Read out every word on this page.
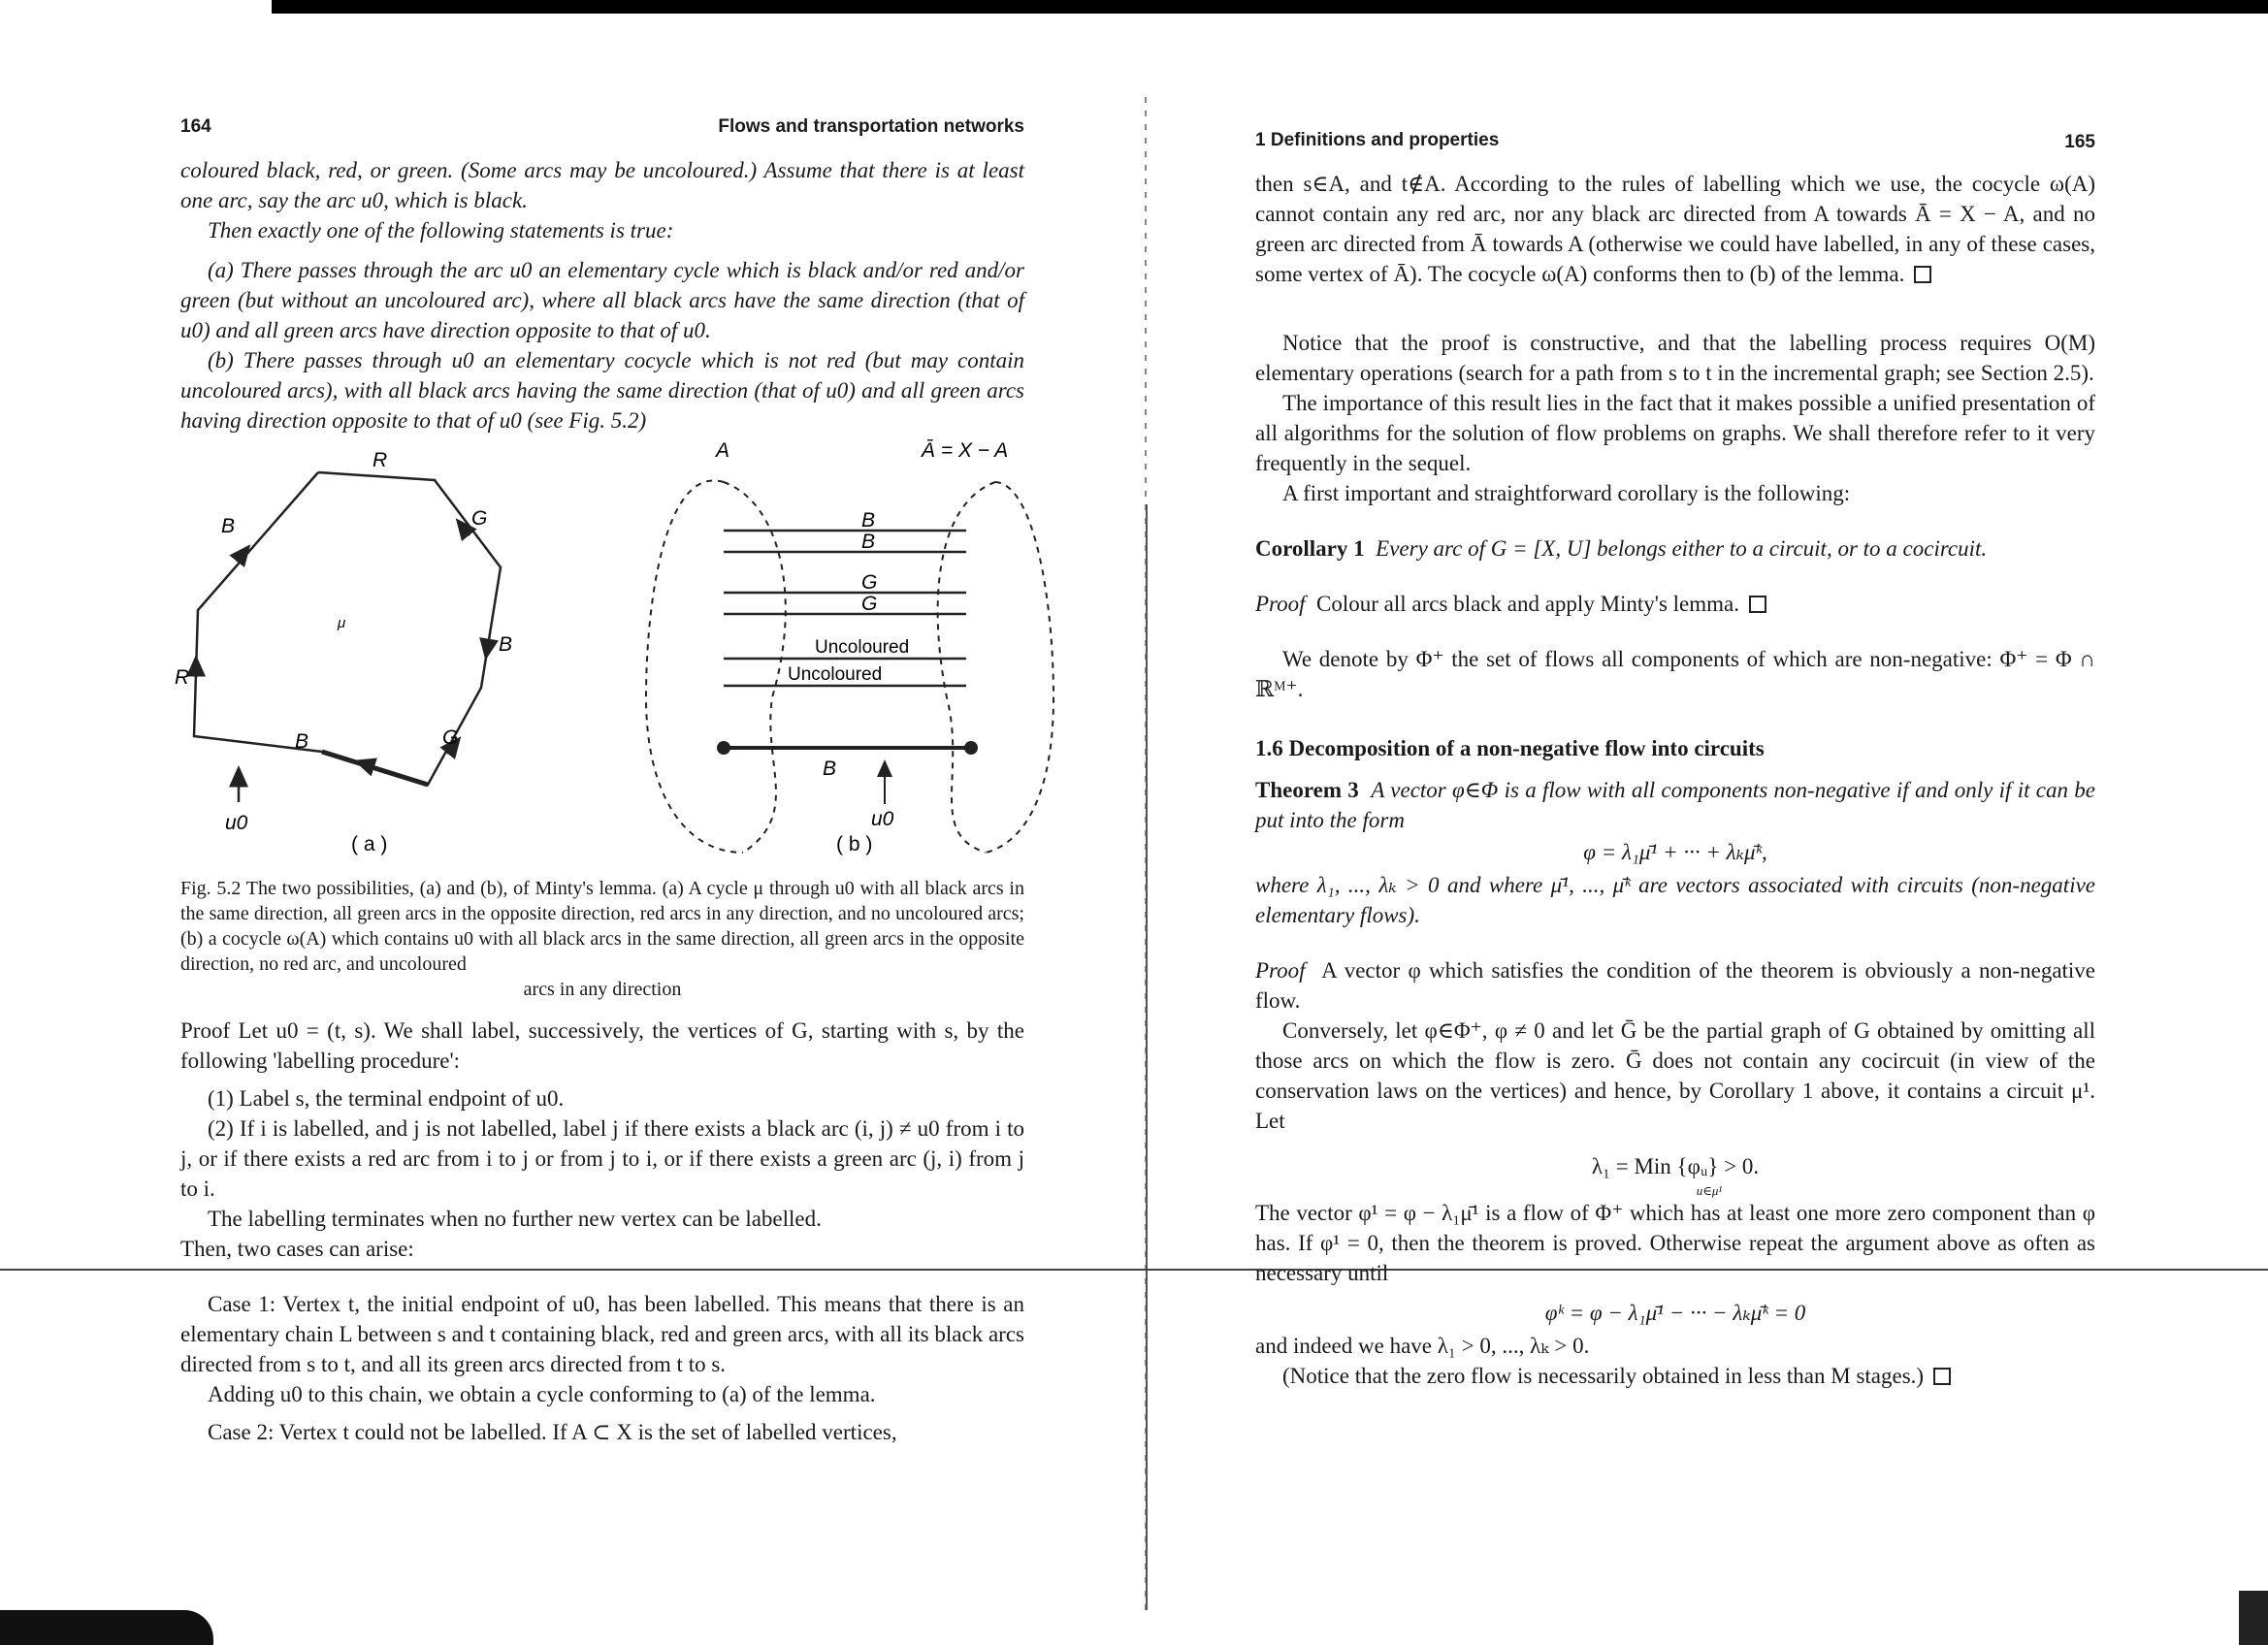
164	Flows and transportation networks

coloured black, red, or green. (Some arcs may be uncoloured.) Assume that there is at least one arc, say the arc u0, which is black.

Then exactly one of the following statements is true:

(a) There passes through the arc u0 an elementary cycle which is black and/or red and/or green (but without an uncoloured arc), where all black arcs have the same direction (that of u0) and all green arcs have direction opposite to that of u0.

(b) There passes through u0 an elementary cocycle which is not red (but may contain uncoloured arcs), with all black arcs having the same direction (that of u0) and all green arcs having direction opposite to that of u0 (see Fig. 5.2)

R
G
B
G
B
R
B
μ
u0
( a )
A	Ā = X − A
B
B
G
G
Uncoloured
Uncoloured
B
u0
( b )

Fig. 5.2 The two possibilities, (a) and (b), of Minty's lemma. (a) A cycle μ through u0 with all black arcs in the same direction, all green arcs in the opposite direction, red arcs in any direction, and no uncoloured arcs; (b) a cocycle ω(A) which contains u0 with all black arcs in the same direction, all green arcs in the opposite direction, no red arc, and uncoloured
arcs in any direction

Proof Let u0 = (t, s). We shall label, successively, the vertices of G, starting with s, by the following 'labelling procedure':

(1) Label s, the terminal endpoint of u0.

(2) If i is labelled, and j is not labelled, label j if there exists a black arc (i, j) ≠ u0 from i to j, or if there exists a red arc from i to j or from j to i, or if there exists a green arc (j, i) from j to i.

The labelling terminates when no further new vertex can be labelled.

Then, two cases can arise:

Case 1: Vertex t, the initial endpoint of u0, has been labelled. This means that there is an elementary chain L between s and t containing black, red and green arcs, with all its black arcs directed from s to t, and all its green arcs directed from t to s.

Adding u0 to this chain, we obtain a cycle conforming to (a) of the lemma.

Case 2: Vertex t could not be labelled. If A ⊂ X is the set of labelled vertices,

1 Definitions and properties	165

then s∈A, and t∉A. According to the rules of labelling which we use, the cocycle ω(A) cannot contain any red arc, nor any black arc directed from A towards Ā = X − A, and no green arc directed from Ā towards A (otherwise we could have labelled, in any of these cases, some vertex of Ā). The cocycle ω(A) conforms then to (b) of the lemma.

Notice that the proof is constructive, and that the labelling process requires O(M) elementary operations (search for a path from s to t in the incremental graph; see Section 2.5).

The importance of this result lies in the fact that it makes possible a unified presentation of all algorithms for the solution of flow problems on graphs. We shall therefore refer to it very frequently in the sequel.

A first important and straightforward corollary is the following:

Corollary 1 Every arc of G = [X, U] belongs either to a circuit, or to a cocircuit.

Proof Colour all arcs black and apply Minty's lemma.

We denote by Φ⁺ the set of flows all components of which are non-negative: Φ⁺ = Φ ∩ ℝᴹ⁺.

1.6 Decomposition of a non-negative flow into circuits

Theorem 3 A vector φ∈Φ is a flow with all components non-negative if and only if it can be put into the form

φ = λ₁μ̄¹ + ··· + λₖμ̄ᵏ,

where λ₁, ..., λₖ > 0 and where μ̄¹, ..., μ̄ᵏ are vectors associated with circuits (non-negative elementary flows).

Proof A vector φ which satisfies the condition of the theorem is obviously a non-negative flow.

Conversely, let φ∈Φ⁺, φ ≠ 0 and let Ḡ be the partial graph of G obtained by omitting all those arcs on which the flow is zero. Ḡ does not contain any cocircuit (in view of the conservation laws on the vertices) and hence, by Corollary 1 above, it contains a circuit μ¹. Let

λ₁ = Min {φᵤ} > 0.
u∈μ¹

The vector φ¹ = φ − λ₁μ̄¹ is a flow of Φ⁺ which has at least one more zero component than φ has. If φ¹ = 0, then the theorem is proved. Otherwise repeat the argument above as often as necessary until

φᵏ = φ − λ₁μ̄¹ − ··· − λₖμ̄ᵏ = 0

and indeed we have λ₁ > 0, ..., λₖ > 0.

(Notice that the zero flow is necessarily obtained in less than M stages.)
